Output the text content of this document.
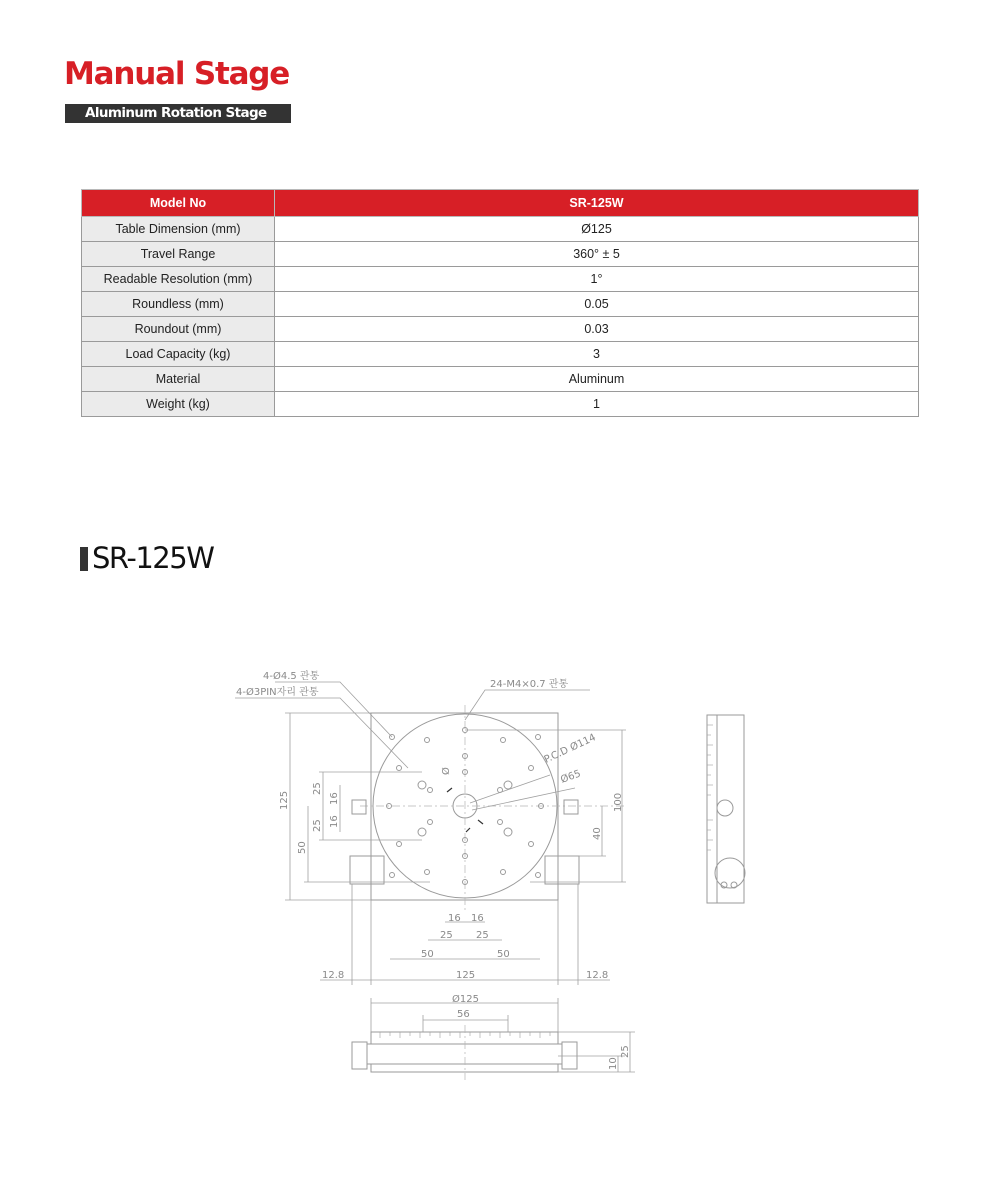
Manual Stage
Aluminum Rotation Stage
Model No	SR-125W
Table Dimension (mm)	Ø125
Travel Range	360° ± 5
Readable Resolution (mm)	1°
Roundless (mm)	0.05
Roundout (mm)	0.03
Load Capacity (kg)	3
Material	Aluminum
Weight (kg)	1
SR-125W
4-Ø4.5 관통
4-Ø3PIN자리 관통
24-M4×0.7 관통
P.C.D Ø114
Ø65
Ø
125
50
25
25
16
16
100
40
16 16
25 25
50	50
12.8	125	12.8
Ø125
56
25
10
